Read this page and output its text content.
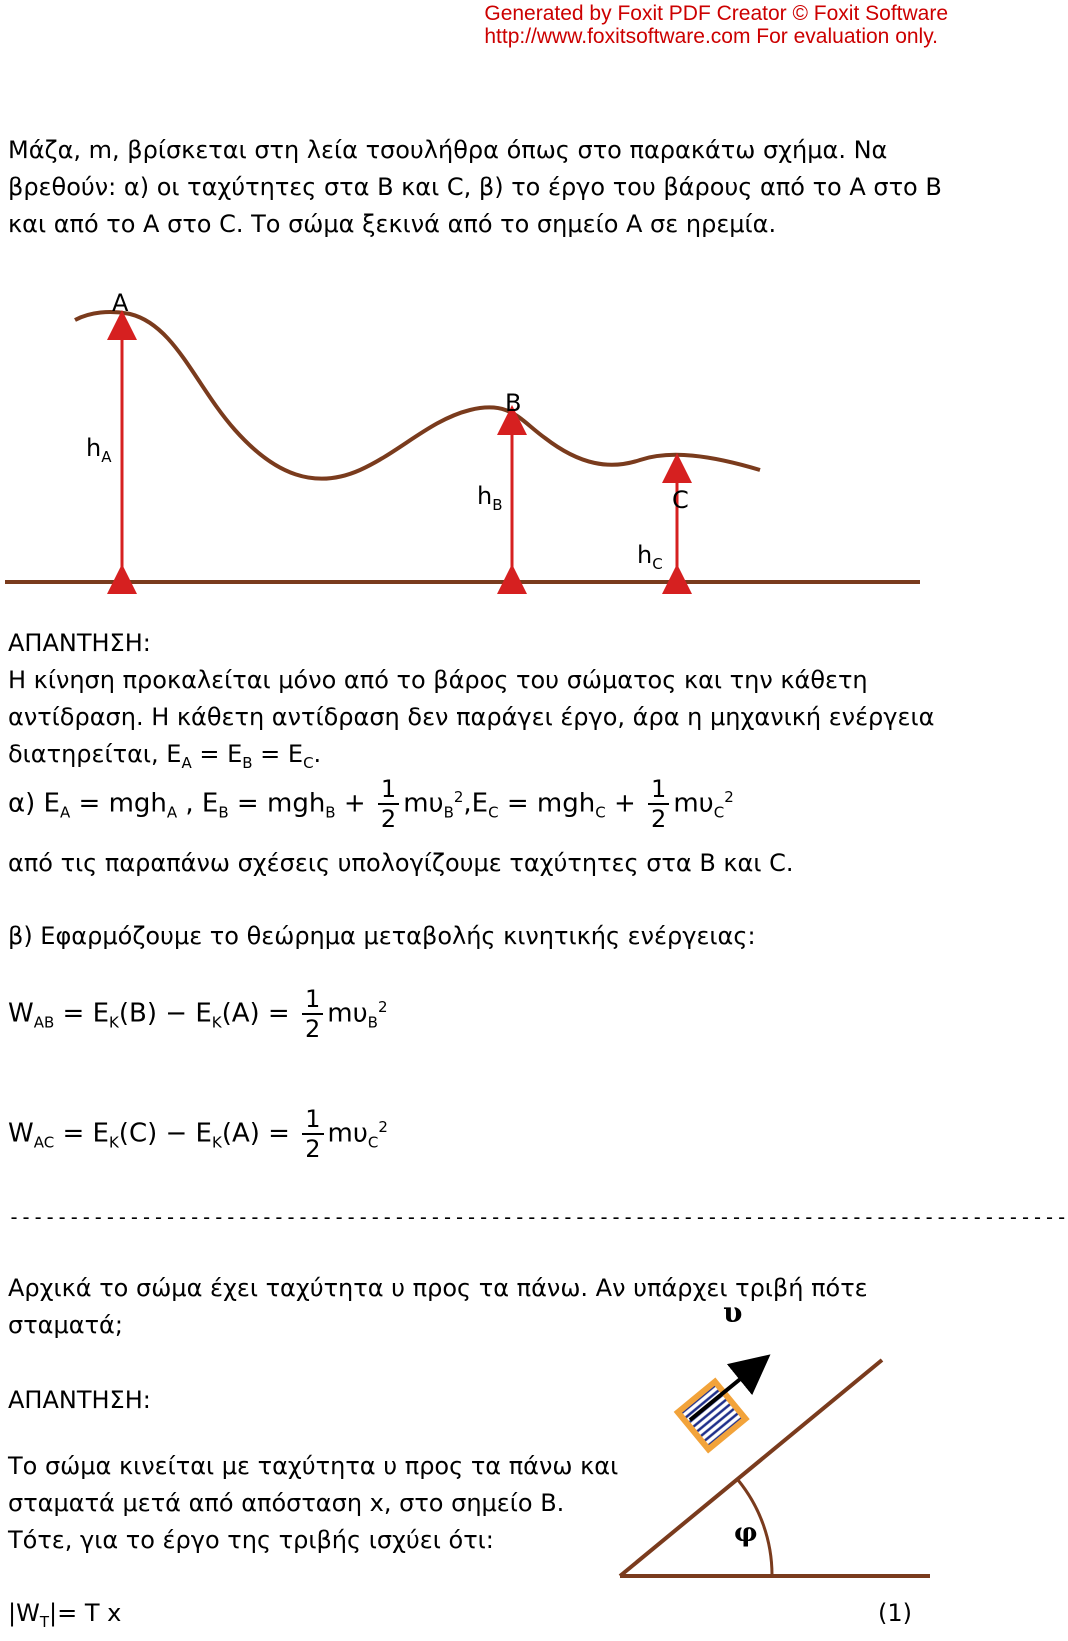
Generated by Foxit PDF Creator © Foxit Software
http://www.foxitsoftware.com For evaluation only.
Μάζα, m, βρίσκεται στη λεία τσουλήθρα όπως στο παρακάτω σχήμα. Να
βρεθούν: α) οι ταχύτητες στα B και C, β) το έργο του βάρους από το A στο B
και από το A στο C. Το σώμα ξεκινά από το σημείο A σε ηρεμία.
A
B
C
$h_A$
$h_B$
$h_C$
ΑΠΑΝΤΗΣΗ:
Η κίνηση προκαλείται μόνο από το βάρος του σώματος και την κάθετη
αντίδραση. Η κάθετη αντίδραση δεν παράγει έργο, άρα η μηχανική ενέργεια
διατηρείται, $E_A = E_B = E_C$.
α) $E_A = mgh_A$ , $E_B = mgh_B + \frac{1}{2} m\upsilon_B^2,E_C = mgh_C + \frac{1}{2} m\upsilon_C^2$
από τις παραπάνω σχέσεις υπολογίζουμε ταχύτητες στα B και C.
β) Εφαρμόζουμε το θεώρημα μεταβολής κινητικής ενέργειας:
$W_{AB} = E_K(B) - E_K(A) = \frac{1}{2} m\upsilon_B^2$
$W_{AC} = E_K(C) - E_K(A) = \frac{1}{2} m\upsilon_C^2$
----------------------------------------------------------------------------------------
Αρχικά το σώμα έχει ταχύτητα υ προς τα πάνω. Αν υπάρχει τριβή πότε
σταματά;
ΑΠΑΝΤΗΣΗ:
Το σώμα κινείται με ταχύτητα υ προς τα πάνω και
σταματά μετά από απόσταση x, στο σημείο B.
Τότε, για το έργο της τριβής ισχύει ότι:
$|W_T|= T$ x	(1)
υ
φ
